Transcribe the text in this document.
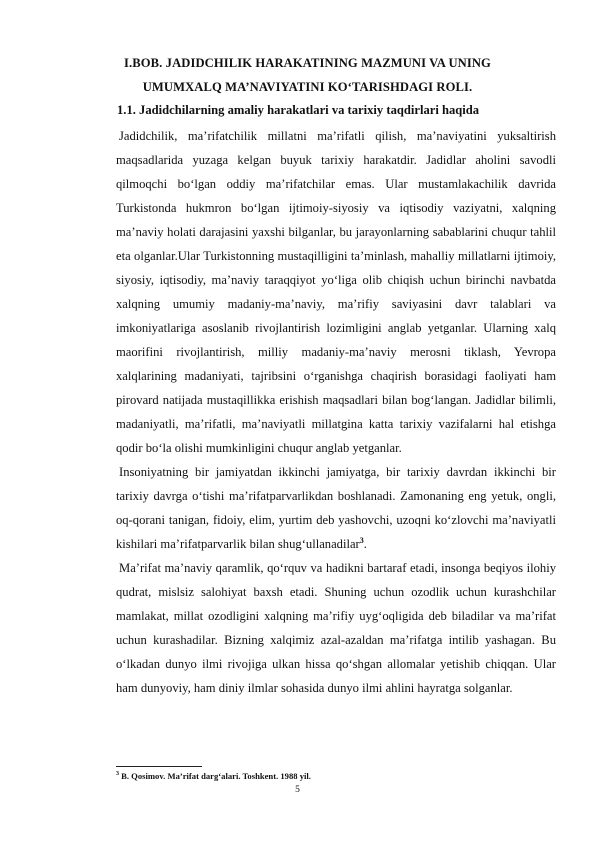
I.BOB. JADIDCHILIK HARAKATINING MAZMUNI VA UNING
UMUMXALQ MA’NAVIYATINI KO‘TARISHDAGI ROLI.
1.1. Jadidchilarning amaliy harakatlari va tarixiy taqdirlari haqida

Jadidchilik, ma’rifatchilik millatni ma’rifatli qilish, ma’naviyatini yuksaltirish maqsadlarida yuzaga kelgan buyuk tarixiy harakatdir. Jadidlar aholini savodli qilmoqchi bo‘lgan oddiy ma’rifatchilar emas. Ular mustamlakachilik davrida Turkistonda hukmron bo‘lgan ijtimoiy-siyosiy va iqtisodiy vaziyatni, xalqning ma’naviy holati darajasini yaxshi bilganlar, bu jarayonlarning sabablarini chuqur tahlil eta olganlar.Ular Turkistonning mustaqilligini ta’minlash, mahalliy millatlarni ijtimoiy, siyosiy, iqtisodiy, ma’naviy taraqqiyot yo‘liga olib chiqish uchun birinchi navbatda xalqning umumiy madaniy-ma’naviy, ma’rifiy saviyasini davr talablari va imkoniyatlariga asoslanib rivojlantirish lozimligini anglab yetganlar. Ularning xalq maorifini rivojlantirish, milliy madaniy-ma’naviy merosni tiklash, Yevropa xalqlarining madaniyati, tajribsini o‘rganishga chaqirish borasidagi faoliyati ham pirovard natijada mustaqillikka erishish maqsadlari bilan bog‘langan. Jadidlar bilimli, madaniyatli, ma’rifatli, ma’naviyatli millatgina katta tarixiy vazifalarni hal etishga qodir bo‘la olishi mumkinligini chuqur anglab yetganlar.

Insoniyatning bir jamiyatdan ikkinchi jamiyatga, bir tarixiy davrdan ikkinchi bir tarixiy davrga o‘tishi ma’rifatparvarlikdan boshlanadi. Zamonaning eng yetuk, ongli, oq-qorani tanigan, fidoiy, elim, yurtim deb yashovchi, uzoqni ko‘zlovchi ma’naviyatli kishilari ma’rifatparvarlik bilan shug‘ullanadilar$^3$.

Ma’rifat ma’naviy qaramlik, qo‘rquv va hadikni bartaraf etadi, insonga beqiyos ilohiy qudrat, mislsiz salohiyat baxsh etadi. Shuning uchun ozodlik uchun kurashchilar mamlakat, millat ozodligini xalqning ma’rifiy uyg‘oqligida deb biladilar va ma’rifat uchun kurashadilar. Bizning xalqimiz azal-azaldan ma’rifatga intilib yashagan. Bu o‘lkadan dunyo ilmi rivojiga ulkan hissa qo‘shgan allomalar yetishib chiqqan. Ular ham dunyoviy, ham diniy ilmlar sohasida dunyo ilmi ahlini hayratga solganlar.

$^3$ B. Qosimov. Ma’rifat darg‘alari. Toshkent. 1988 yil.
5
